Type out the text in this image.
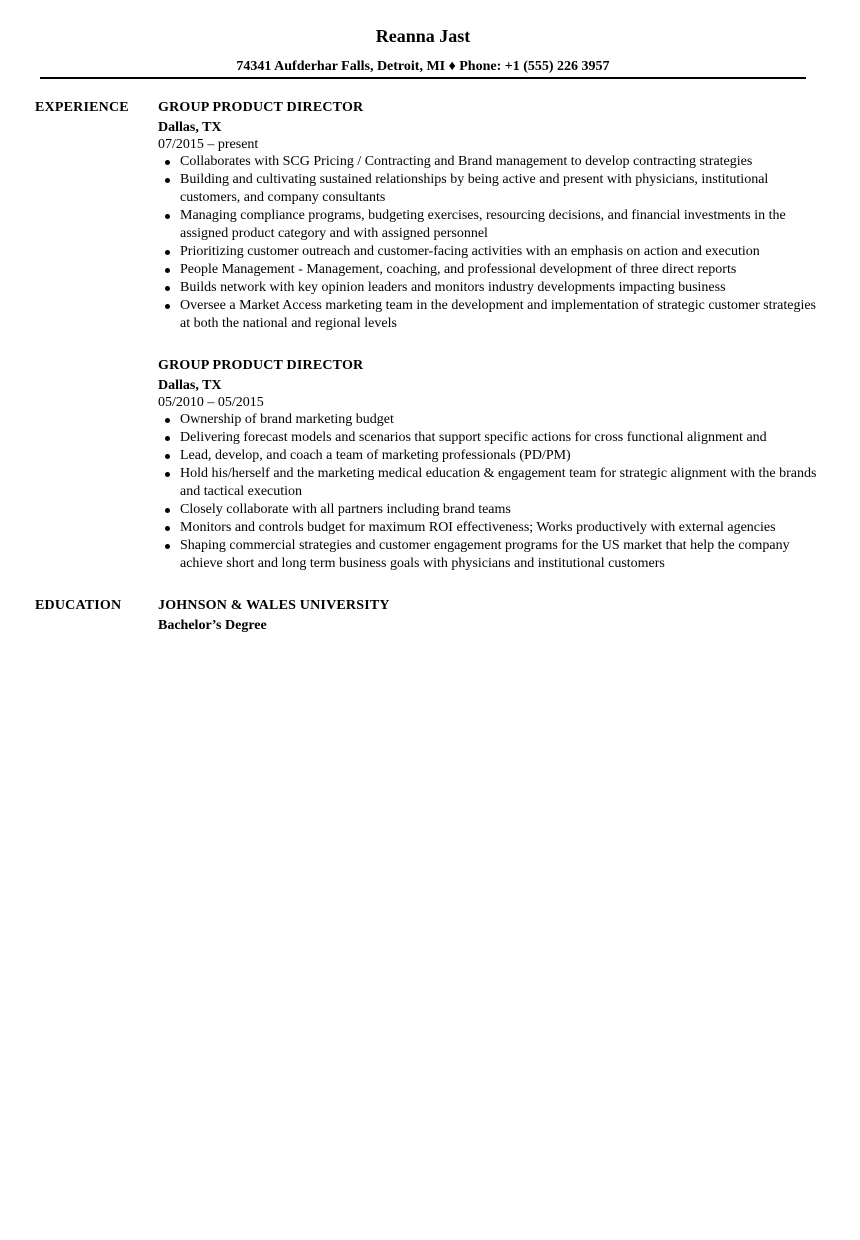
Reanna Jast
74341 Aufderhar Falls, Detroit, MI ♦ Phone: +1 (555) 226 3957
EXPERIENCE GROUP PRODUCT DIRECTOR
Dallas, TX
07/2015 – present
Collaborates with SCG Pricing / Contracting and Brand management to develop contracting strategies
Building and cultivating sustained relationships by being active and present with physicians, institutional customers, and company consultants
Managing compliance programs, budgeting exercises, resourcing decisions, and financial investments in the assigned product category and with assigned personnel
Prioritizing customer outreach and customer-facing activities with an emphasis on action and execution
People Management - Management, coaching, and professional development of three direct reports
Builds network with key opinion leaders and monitors industry developments impacting business
Oversee a Market Access marketing team in the development and implementation of strategic customer strategies at both the national and regional levels
GROUP PRODUCT DIRECTOR
Dallas, TX
05/2010 – 05/2015
Ownership of brand marketing budget
Delivering forecast models and scenarios that support specific actions for cross functional alignment and
Lead, develop, and coach a team of marketing professionals (PD/PM)
Hold his/herself and the marketing medical education & engagement team for strategic alignment with the brands and tactical execution
Closely collaborate with all partners including brand teams
Monitors and controls budget for maximum ROI effectiveness; Works productively with external agencies
Shaping commercial strategies and customer engagement programs for the US market that help the company achieve short and long term business goals with physicians and institutional customers
EDUCATION	JOHNSON & WALES UNIVERSITY
Bachelor’s Degree
